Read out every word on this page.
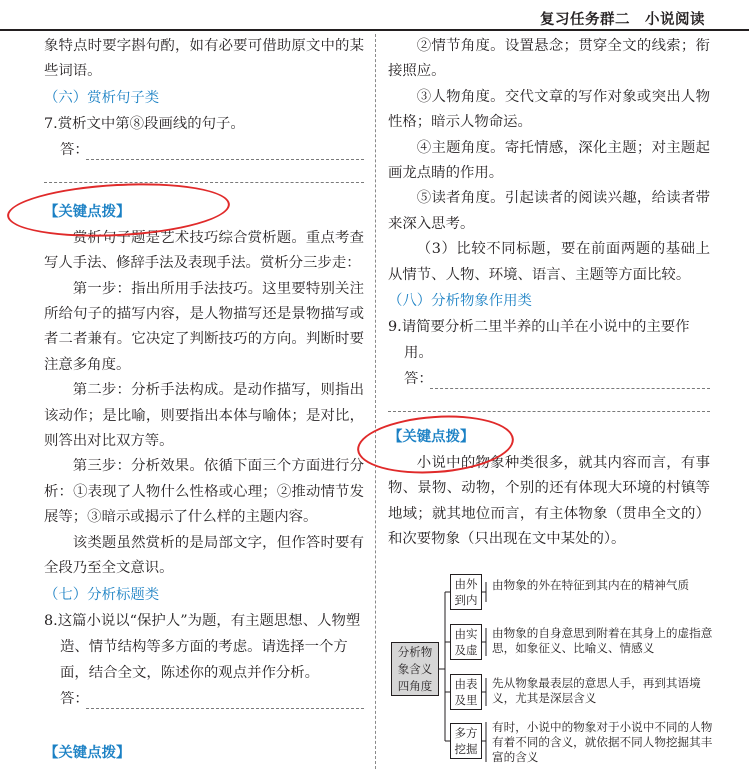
复习任务群二　小说阅读

象特点时要字斟句酌，如有必要可借助原文中的某些词语。

（六）赏析句子类
7.赏析文中第⑧段画线的句子。
答：
【关键点拨】

赏析句子题是艺术技巧综合赏析题。重点考查写人手法、修辞手法及表现手法。赏析分三步走：

第一步：指出所用手法技巧。这里要特别关注所给句子的描写内容，是人物描写还是景物描写或者二者兼有。它决定了判断技巧的方向。判断时要注意多角度。

第二步：分析手法构成。是动作描写，则指出该动作；是比喻，则要指出本体与喻体；是对比，则答出对比双方等。

第三步：分析效果。依循下面三个方面进行分析：①表现了人物什么性格或心理；②推动情节发展等；③暗示或揭示了什么样的主题内容。

该类题虽然赏析的是局部文字，但作答时要有全段乃至全文意识。

（七）分析标题类
8.这篇小说以“保护人”为题，有主题思想、人物塑造、情节结构等多方面的考虑。请选择一个方面，结合全文，陈述你的观点并作分析。
答：
【关键点拨】

②情节角度。设置悬念；贯穿全文的线索；衔接照应。

③人物角度。交代文章的写作对象或突出人物性格；暗示人物命运。

④主题角度。寄托情感，深化主题；对主题起画龙点睛的作用。

⑤读者角度。引起读者的阅读兴趣，给读者带来深入思考。

（3）比较不同标题，要在前面两题的基础上从情节、人物、环境、语言、主题等方面比较。

（八）分析物象作用类
9.请简要分析二里半养的山羊在小说中的主要作用。
答：
【关键点拨】

小说中的物象种类很多，就其内容而言，有事物、景物、动物，个别的还有体现大环境的村镇等地域；就其地位而言，有主体物象（贯串全文的）和次要物象（只出现在文中某处的）。

分析物
象含义
四角度
由外
到内
由物象的外在特征到其内在的精神气质
由实
及虚
由物象的自身意思到附着在其身上的虚指意思，如象征义、比喻义、情感义
由表
及里
先从物象最表层的意思人手，再到其语境义，尤其是深层含义
多方
挖掘
有时，小说中的物象对于小说中不同的人物有着不同的含义，就依据不同人物挖掘其丰富的含义
